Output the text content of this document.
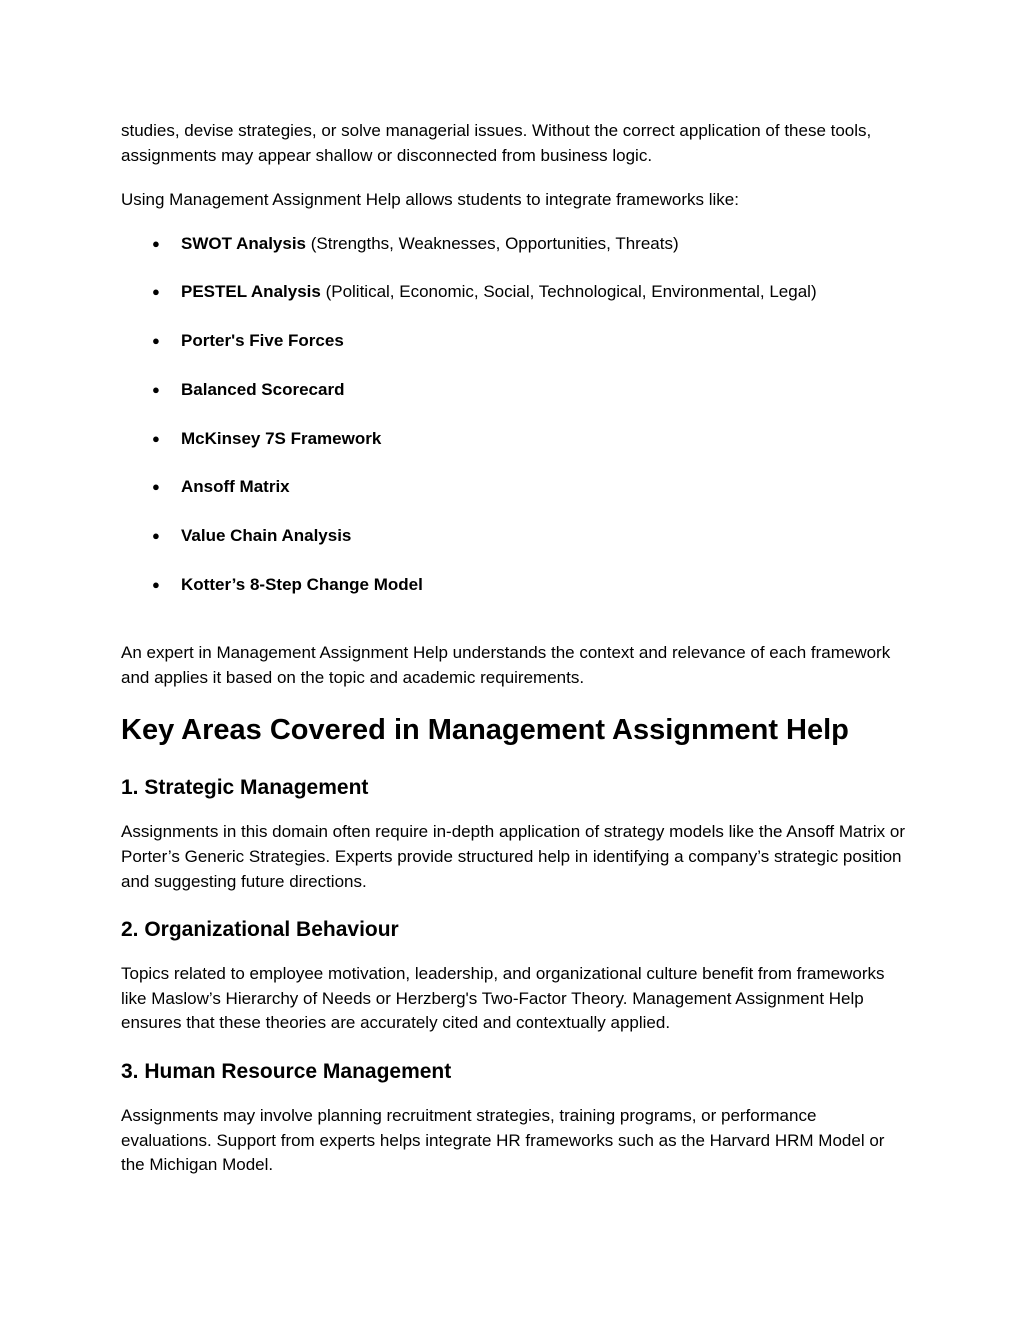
studies, devise strategies, or solve managerial issues. Without the correct application of these tools, assignments may appear shallow or disconnected from business logic.

Using Management Assignment Help allows students to integrate frameworks like:

● SWOT Analysis (Strengths, Weaknesses, Opportunities, Threats)
● PESTEL Analysis (Political, Economic, Social, Technological, Environmental, Legal)
● Porter's Five Forces
● Balanced Scorecard
● McKinsey 7S Framework
● Ansoff Matrix
● Value Chain Analysis
● Kotter’s 8-Step Change Model

An expert in Management Assignment Help understands the context and relevance of each framework and applies it based on the topic and academic requirements.

Key Areas Covered in Management Assignment Help
1. Strategic Management

Assignments in this domain often require in-depth application of strategy models like the Ansoff Matrix or Porter’s Generic Strategies. Experts provide structured help in identifying a company’s strategic position and suggesting future directions.

2. Organizational Behaviour

Topics related to employee motivation, leadership, and organizational culture benefit from frameworks like Maslow’s Hierarchy of Needs or Herzberg's Two-Factor Theory. Management Assignment Help ensures that these theories are accurately cited and contextually applied.

3. Human Resource Management

Assignments may involve planning recruitment strategies, training programs, or performance evaluations. Support from experts helps integrate HR frameworks such as the Harvard HRM Model or the Michigan Model.
